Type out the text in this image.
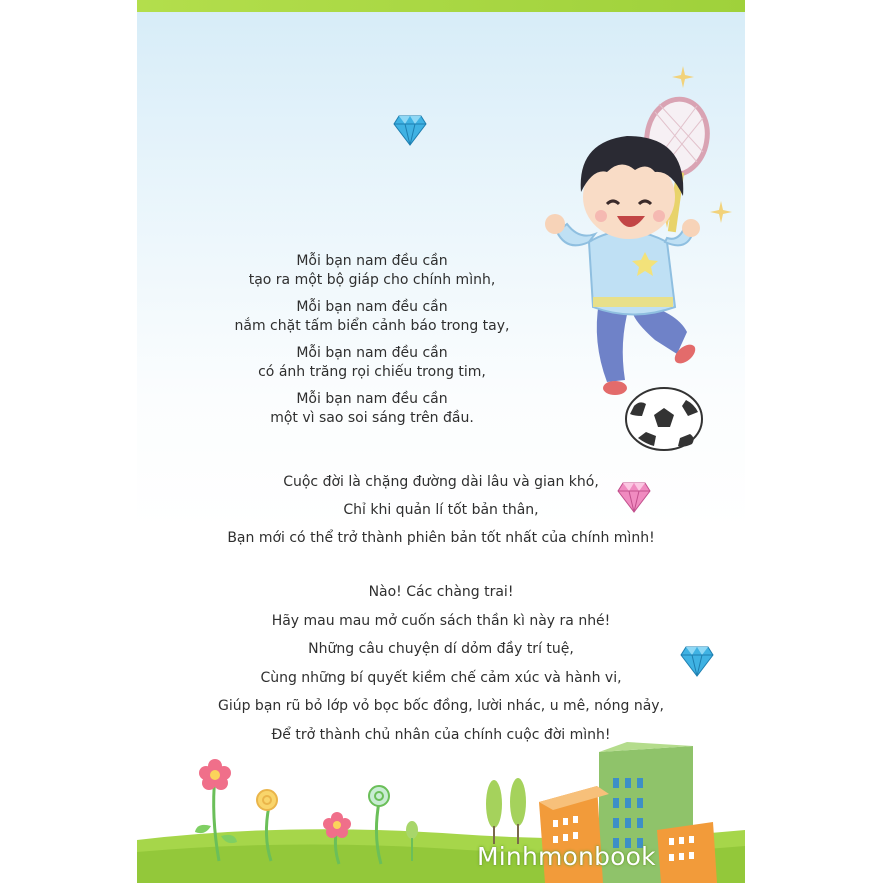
Mỗi bạn nam đều cần
tạo ra một bộ giáp cho chính mình,

Mỗi bạn nam đều cần
nắm chặt tấm biển cảnh báo trong tay,

Mỗi bạn nam đều cần
có ánh trăng rọi chiếu trong tim,

Mỗi bạn nam đều cần
một vì sao soi sáng trên đầu.

Cuộc đời là chặng đường dài lâu và gian khó,
Chỉ khi quản lí tốt bản thân,
Bạn mới có thể trở thành phiên bản tốt nhất của chính mình!
Nào! Các chàng trai!
Hãy mau mau mở cuốn sách thần kì này ra nhé!
Những câu chuyện dí dỏm đầy trí tuệ,
Cùng những bí quyết kiềm chế cảm xúc và hành vi,
Giúp bạn rũ bỏ lớp vỏ bọc bốc đồng, lười nhác, u mê, nóng nảy,
Để trở thành chủ nhân của chính cuộc đời mình!
Minhmonbook
